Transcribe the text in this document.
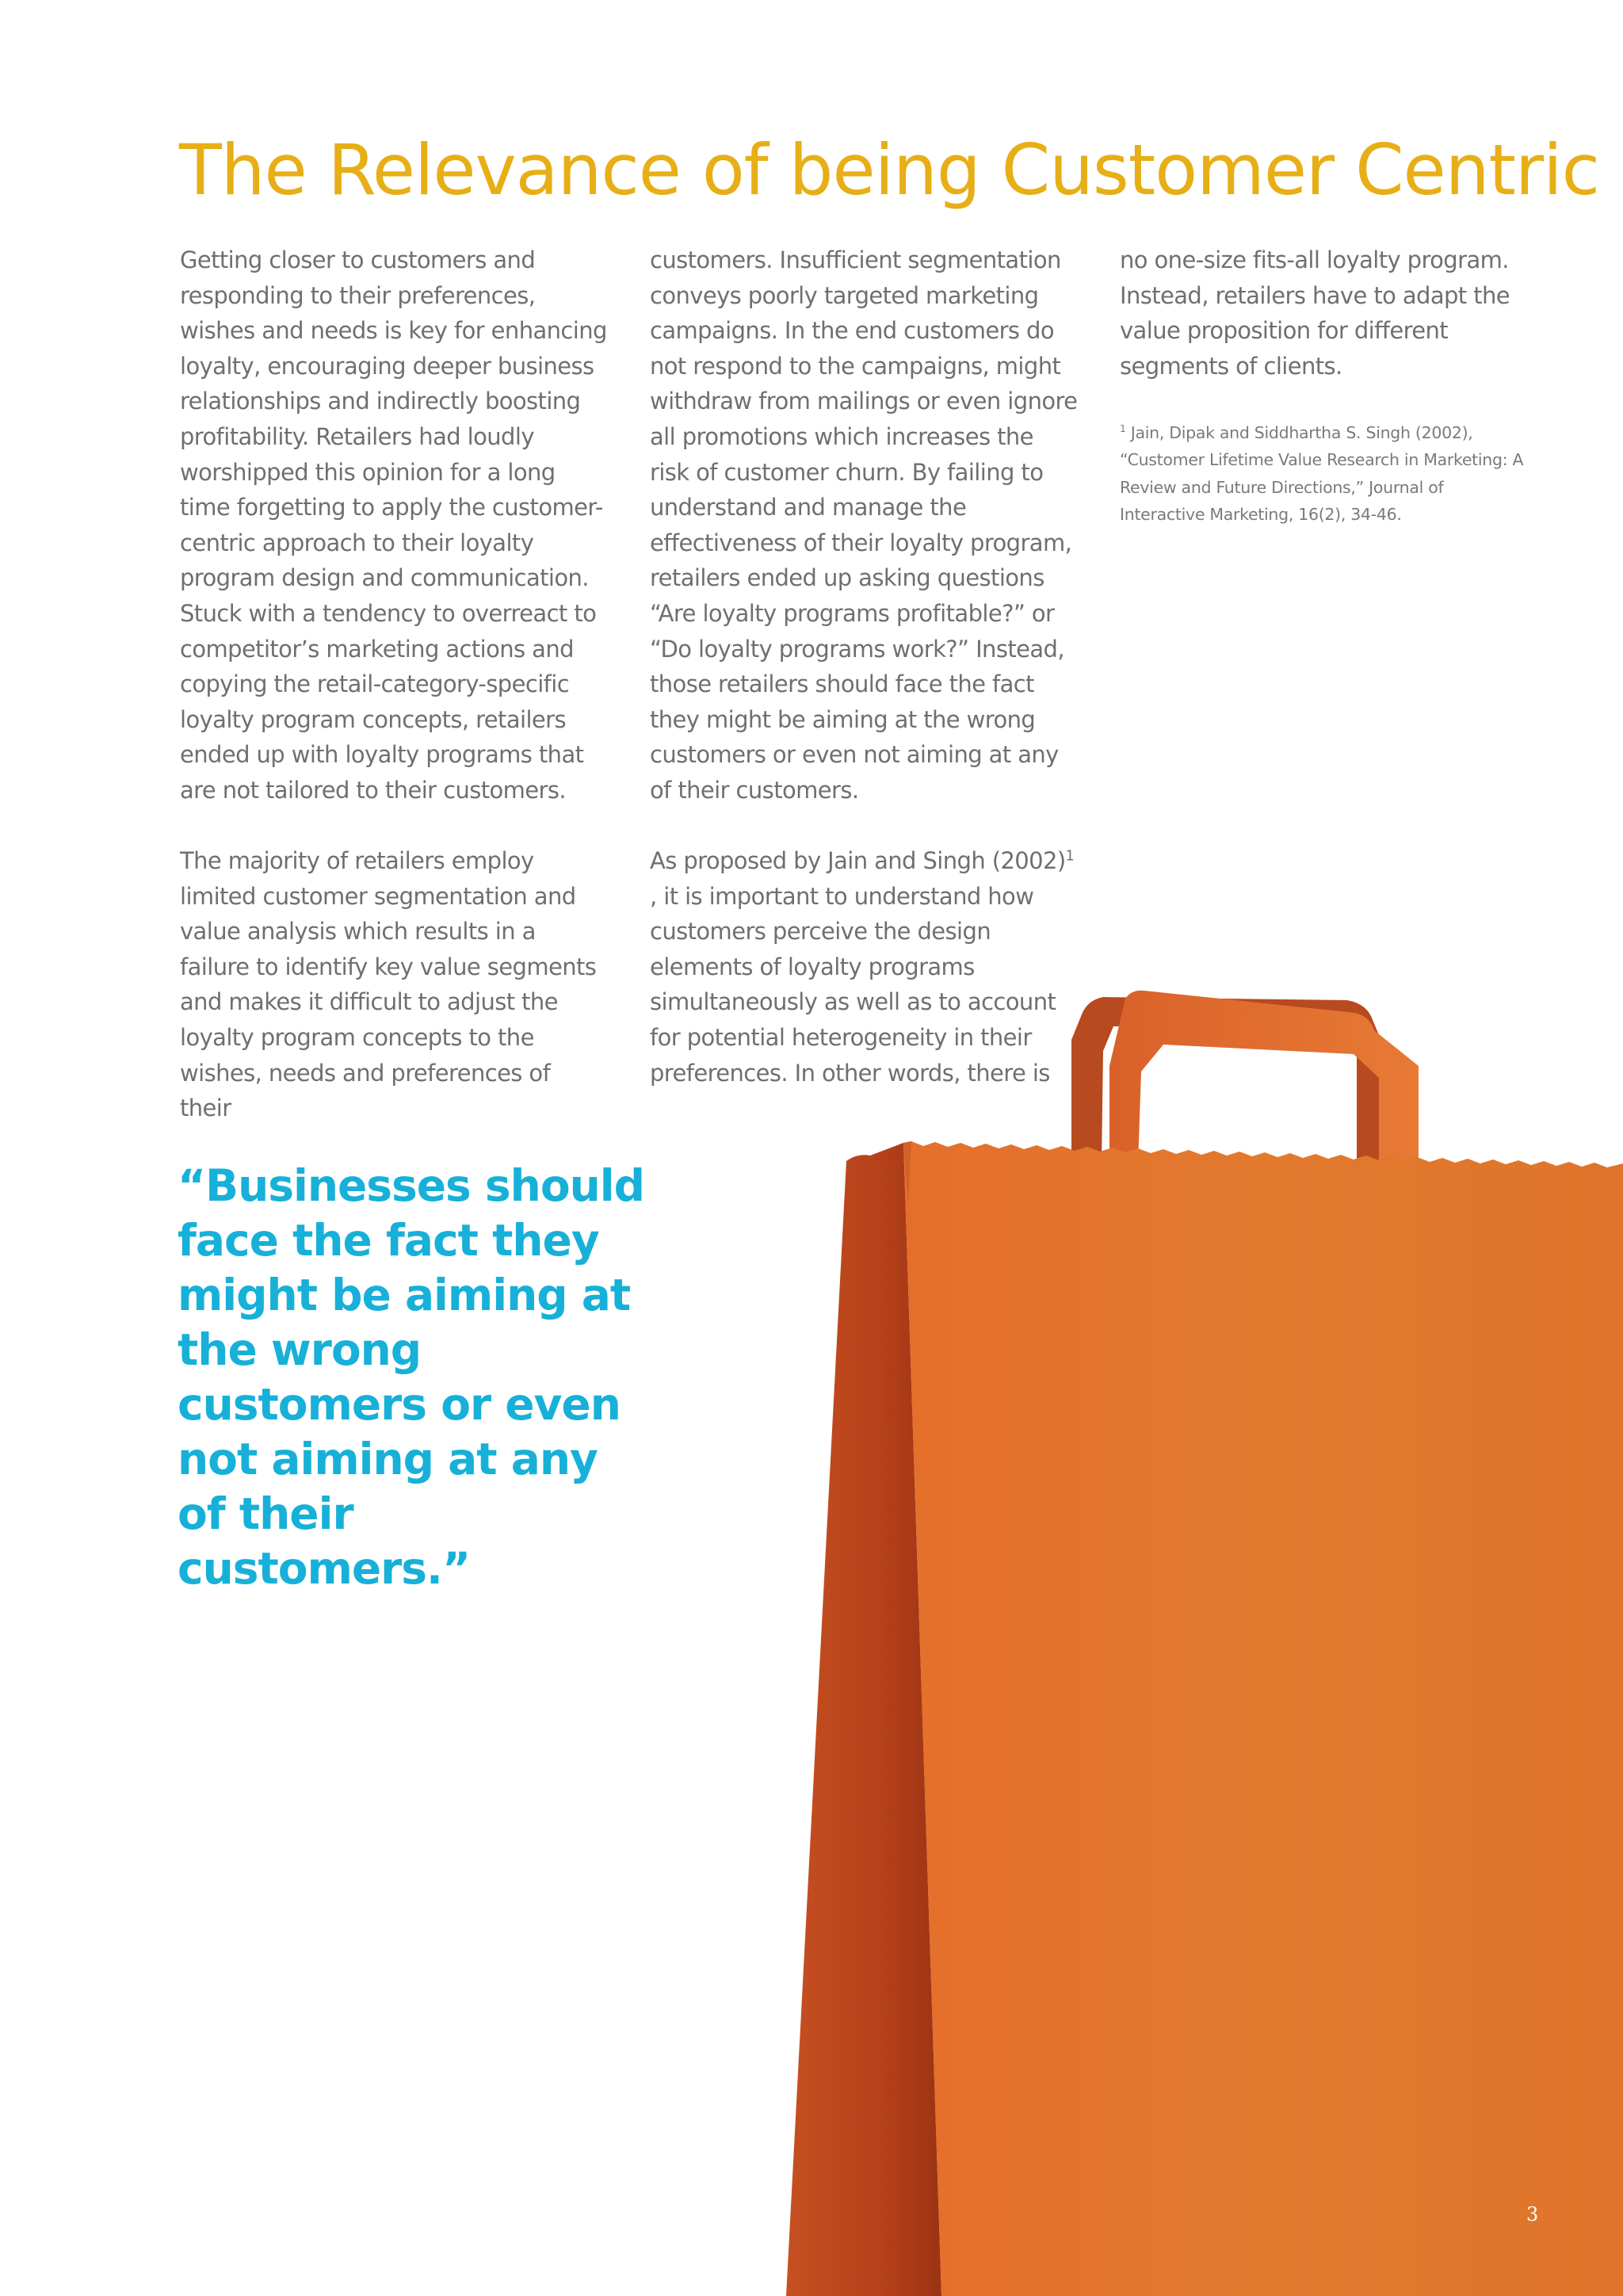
The Relevance of being Customer Centric

Getting closer to customers and responding to their preferences, wishes and needs is key for enhancing loyalty, encouraging deeper business relationships and indirectly boosting profitability. Retailers had loudly worshipped this opinion for a long time forgetting to apply the customer-centric approach to their loyalty program design and communication. Stuck with a tendency to overreact to competitor’s marketing actions and copying the retail-category-specific loyalty program concepts, retailers ended up with loyalty programs that are not tailored to their customers.

The majority of retailers employ limited customer segmentation and value analysis which results in a failure to identify key value segments and makes it difficult to adjust the loyalty program concepts to the wishes, needs and preferences of their

customers. Insufficient segmentation conveys poorly targeted marketing campaigns. In the end customers do not respond to the campaigns, might withdraw from mailings or even ignore all promotions which increases the risk of customer churn. By failing to understand and manage the effectiveness of their loyalty program, retailers ended up asking questions “Are loyalty programs profitable?” or “Do loyalty programs work?” Instead, those retailers should face the fact they might be aiming at the wrong customers or even not aiming at any of their customers.

As proposed by Jain and Singh $(2002)^1$ , it is important to understand how customers perceive the design elements of loyalty programs simultaneously as well as to account for potential heterogeneity in their preferences. In other words, there is

no one-size fits-all loyalty program. Instead, retailers have to adapt the value proposition for different segments of clients.

$^1$ Jain, Dipak and Siddhartha S. Singh (2002), “Customer Lifetime Value Research in Marketing: A Review and Future Directions,” Journal of Interactive Marketing, 16(2), 34-46.
“Businesses should face the fact they might be aiming at the wrong customers or even not aiming at any of their customers.”
3
